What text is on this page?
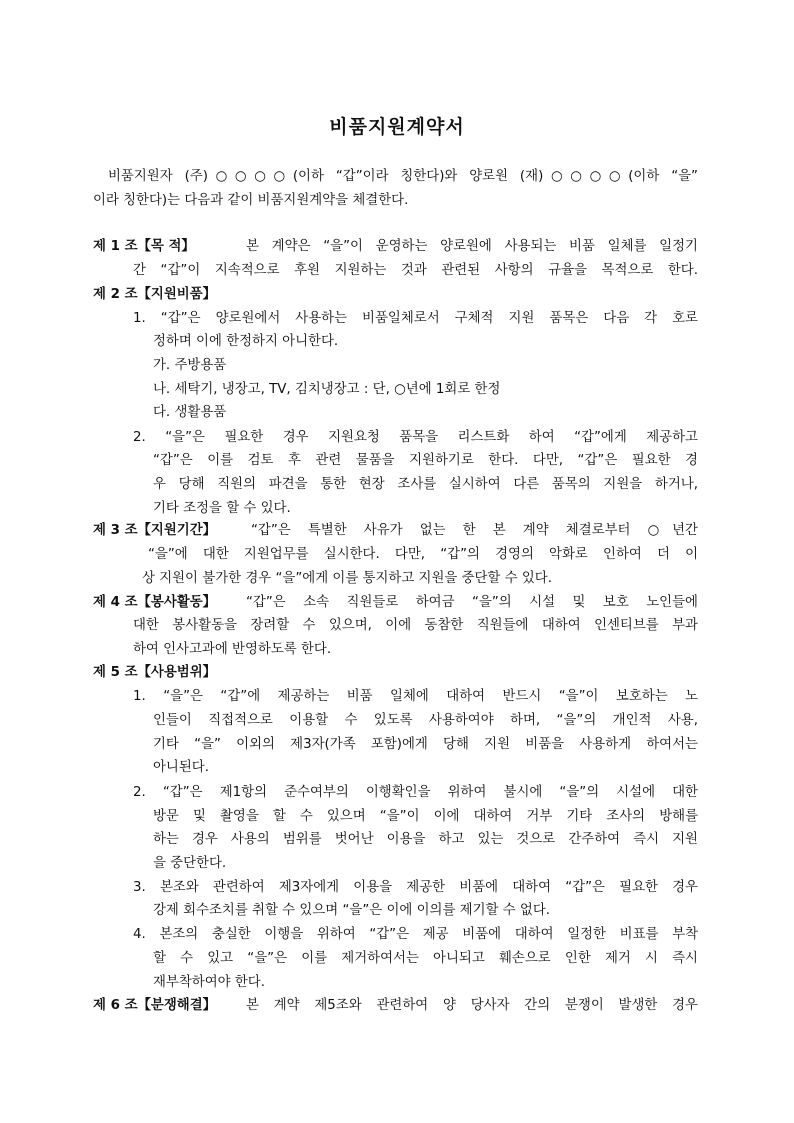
비품지원계약서
비품지원자 (주)○○○○(이하 “갑”이라 칭한다)와 양로원 (재)○○○○(이하 “을”
이라 칭한다)는 다음과 같이 비품지원계약을 체결한다.
제 1 조【목 적】	본 계약은 “을”이 운영하는 양로원에 사용되는 비품 일체를 일정기
간 “갑”이 지속적으로 후원 지원하는 것과 관련된 사항의 규율을 목적으로 한다.
제 2 조【지원비품】
1. “갑”은 양로원에서 사용하는 비품일체로서 구체적 지원 품목은 다음 각 호로
정하며 이에 한정하지 아니한다.
가. 주방용품
나. 세탁기, 냉장고, TV, 김치냉장고 : 단, ○년에 1회로 한정
다. 생활용품
2. “을”은 필요한 경우 지원요청 품목을 리스트화 하여 “갑”에게 제공하고
“갑”은 이를 검토 후 관련 물품을 지원하기로 한다. 다만, “갑”은 필요한 경
우 당해 직원의 파견을 통한 현장 조사를 실시하여 다른 품목의 지원을 하거나,
기타 조정을 할 수 있다.
제 3 조【지원기간】	“갑”은 특별한 사유가 없는 한 본 계약 체결로부터 ○년간
“을”에 대한 지원업무를 실시한다. 다만, “갑”의 경영의 악화로 인하여 더 이
상 지원이 불가한 경우 “을”에게 이를 통지하고 지원을 중단할 수 있다.
제 4 조【봉사활동】 “갑”은 소속 직원들로 하여금 “을”의 시설 및 보호 노인들에
대한 봉사활동을 장려할 수 있으며, 이에 동참한 직원들에 대하여 인센티브를 부과
하여 인사고과에 반영하도록 한다.
제 5 조【사용범위】
1. “을”은 “갑”에 제공하는 비품 일체에 대하여 반드시 “을”이 보호하는 노
인들이 직접적으로 이용할 수 있도록 사용하여야 하며, “을”의 개인적 사용,
기타 “을” 이외의 제3자(가족 포함)에게 당해 지원 비품을 사용하게 하여서는
아니된다.
2. “갑”은 제1항의 준수여부의 이행확인을 위하여 불시에 “을”의 시설에 대한
방문 및 촬영을 할 수 있으며 “을”이 이에 대하여 거부 기타 조사의 방해를
하는 경우 사용의 범위를 벗어난 이용을 하고 있는 것으로 간주하여 즉시 지원
을 중단한다.
3. 본조와 관련하여 제3자에게 이용을 제공한 비품에 대하여 “갑”은 필요한 경우
강제 회수조치를 취할 수 있으며 “을”은 이에 이의를 제기할 수 없다.
4. 본조의 충실한 이행을 위하여 “갑”은 제공 비품에 대하여 일정한 비표를 부착
할 수 있고 “을”은 이를 제거하여서는 아니되고 훼손으로 인한 제거 시 즉시
재부착하여야 한다.
제 6 조【분쟁해결】 본 계약 제5조와 관련하여 양 당사자 간의 분쟁이 발생한 경우
